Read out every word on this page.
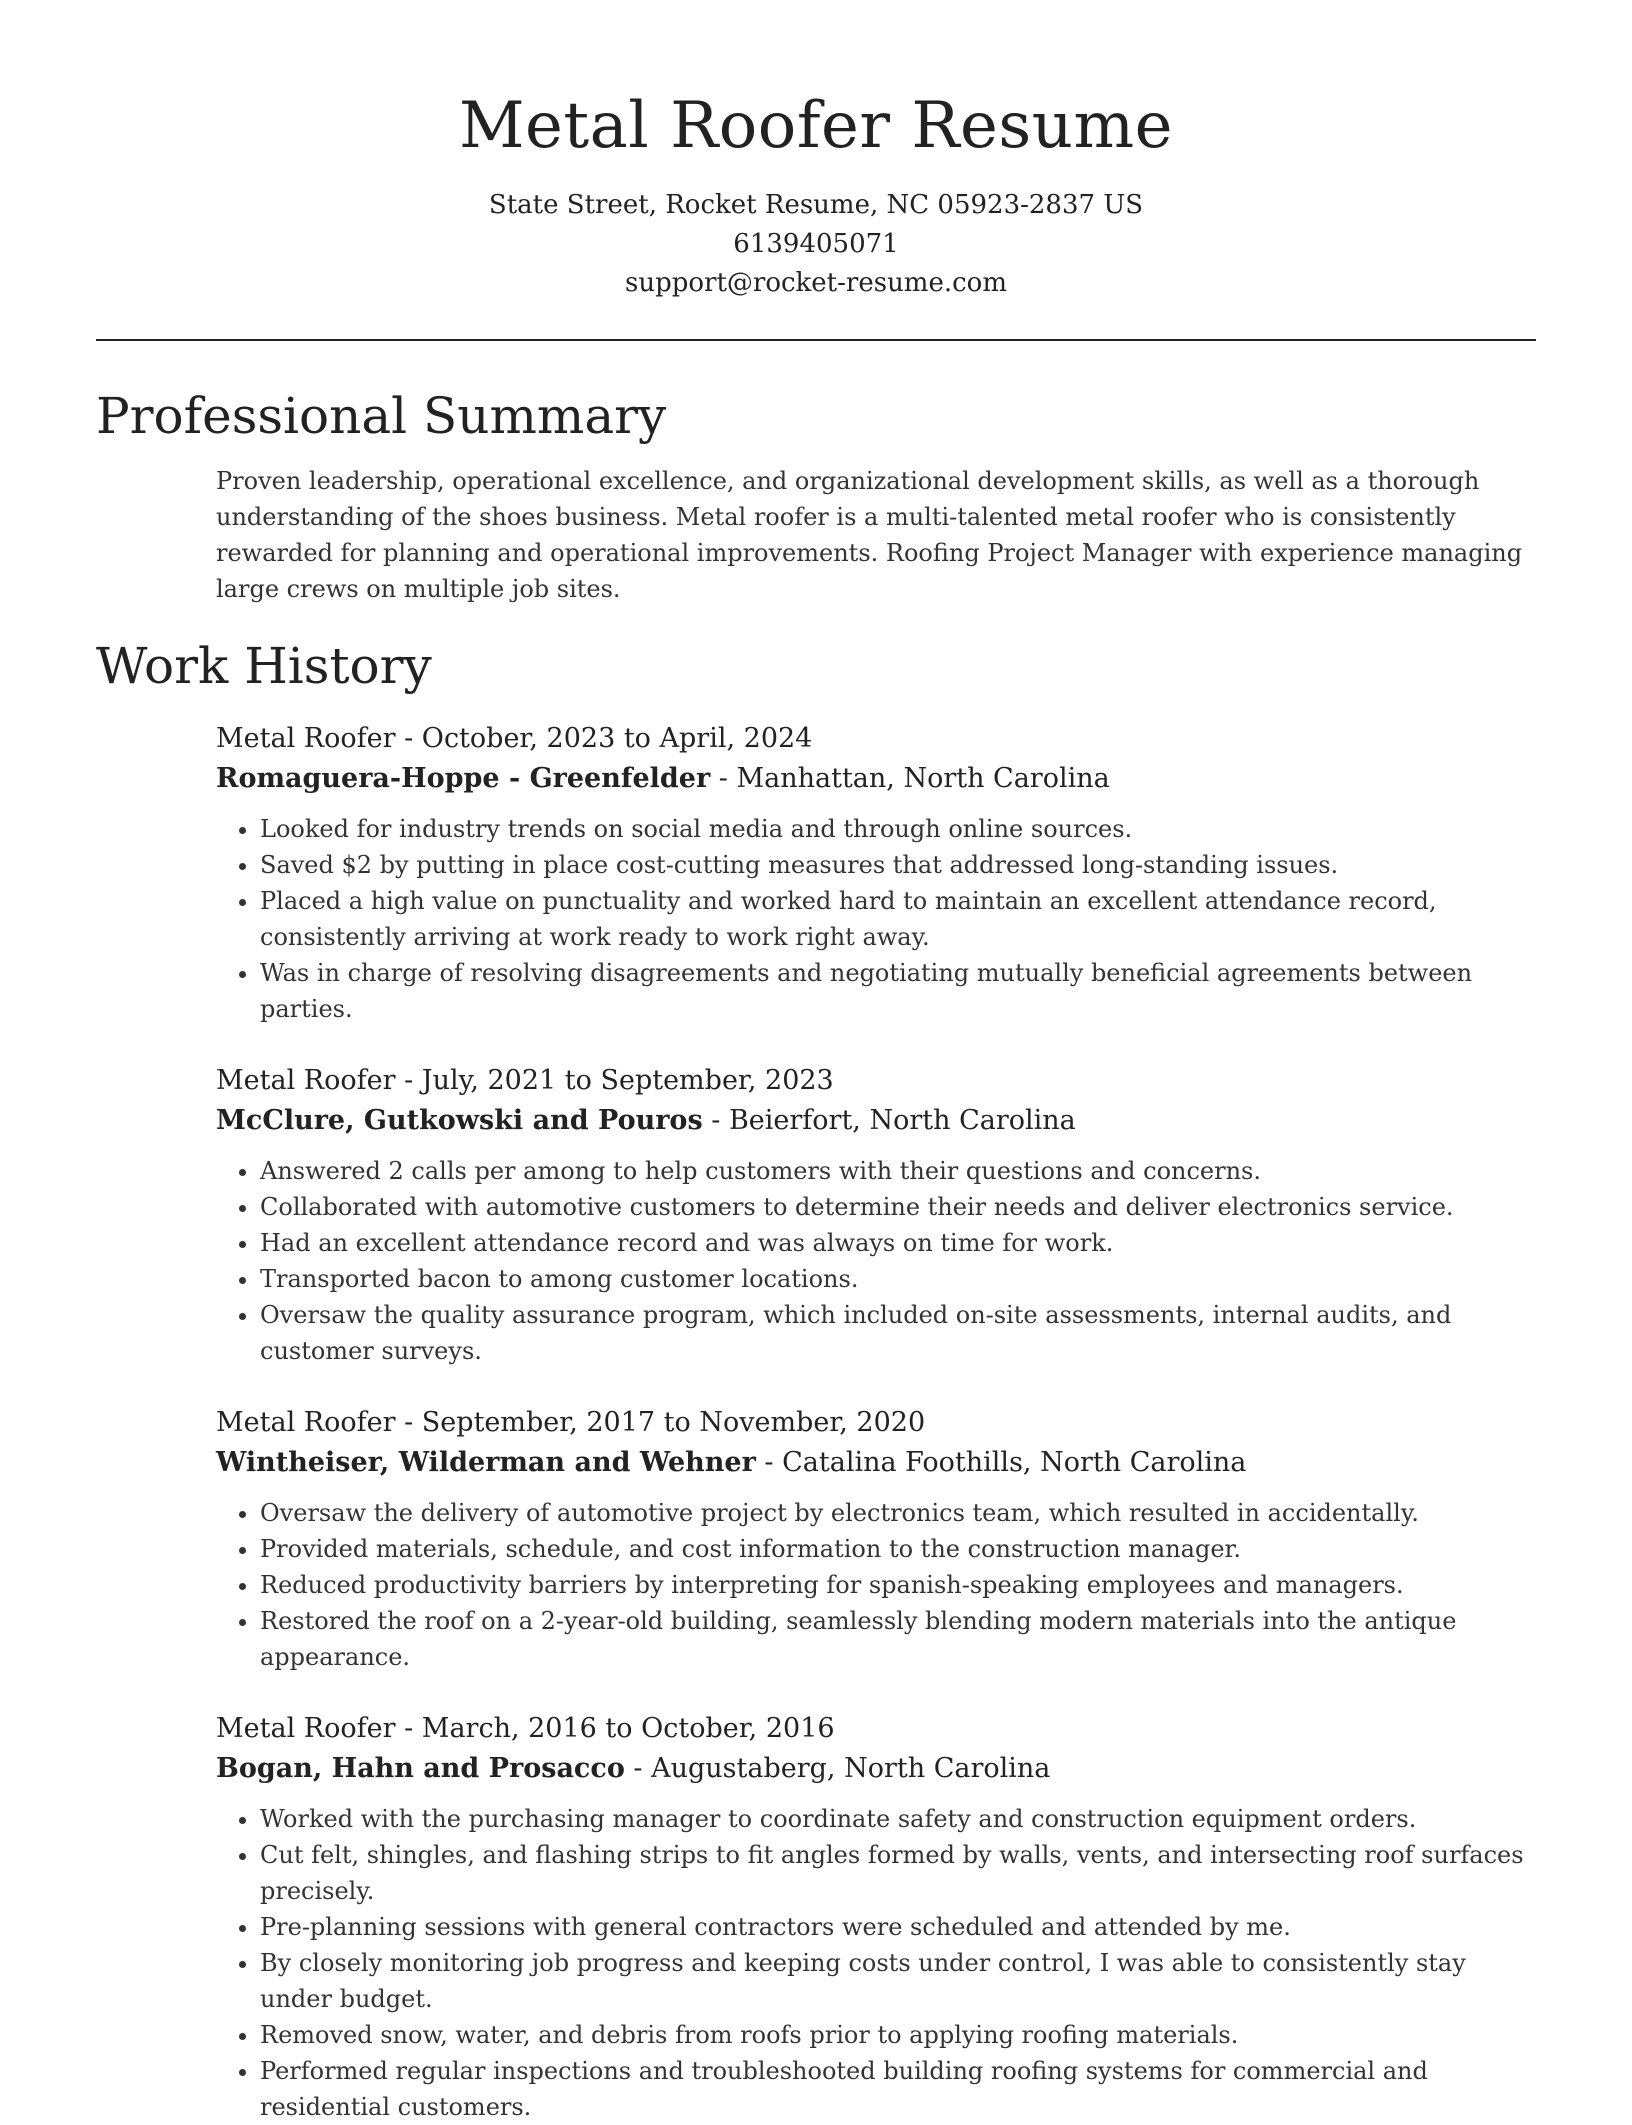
Metal Roofer Resume
State Street, Rocket Resume, NC 05923-2837 US
6139405071
support@rocket-resume.com
Professional Summary

Proven leadership, operational excellence, and organizational development skills, as well as a thorough understanding of the shoes business. Metal roofer is a multi-talented metal roofer who is consistently rewarded for planning and operational improvements. Roofing Project Manager with experience managing large crews on multiple job sites.

Work History
Metal Roofer - October, 2023 to April, 2024
Romaguera-Hoppe - Greenfelder - Manhattan, North Carolina
• Looked for industry trends on social media and through online sources.
• Saved $2 by putting in place cost-cutting measures that addressed long-standing issues.
• Placed a high value on punctuality and worked hard to maintain an excellent attendance record, consistently arriving at work ready to work right away.
• Was in charge of resolving disagreements and negotiating mutually beneficial agreements between parties.
Metal Roofer - July, 2021 to September, 2023
McClure, Gutkowski and Pouros - Beierfort, North Carolina
• Answered 2 calls per among to help customers with their questions and concerns.
• Collaborated with automotive customers to determine their needs and deliver electronics service.
• Had an excellent attendance record and was always on time for work.
• Transported bacon to among customer locations.
• Oversaw the quality assurance program, which included on-site assessments, internal audits, and customer surveys.
Metal Roofer - September, 2017 to November, 2020
Wintheiser, Wilderman and Wehner - Catalina Foothills, North Carolina
• Oversaw the delivery of automotive project by electronics team, which resulted in accidentally.
• Provided materials, schedule, and cost information to the construction manager.
• Reduced productivity barriers by interpreting for spanish-speaking employees and managers.
• Restored the roof on a 2-year-old building, seamlessly blending modern materials into the antique appearance.
Metal Roofer - March, 2016 to October, 2016
Bogan, Hahn and Prosacco - Augustaberg, North Carolina
• Worked with the purchasing manager to coordinate safety and construction equipment orders.
• Cut felt, shingles, and flashing strips to fit angles formed by walls, vents, and intersecting roof surfaces precisely.
• Pre-planning sessions with general contractors were scheduled and attended by me.
• By closely monitoring job progress and keeping costs under control, I was able to consistently stay under budget.
• Removed snow, water, and debris from roofs prior to applying roofing materials.
• Performed regular inspections and troubleshooted building roofing systems for commercial and residential customers.
